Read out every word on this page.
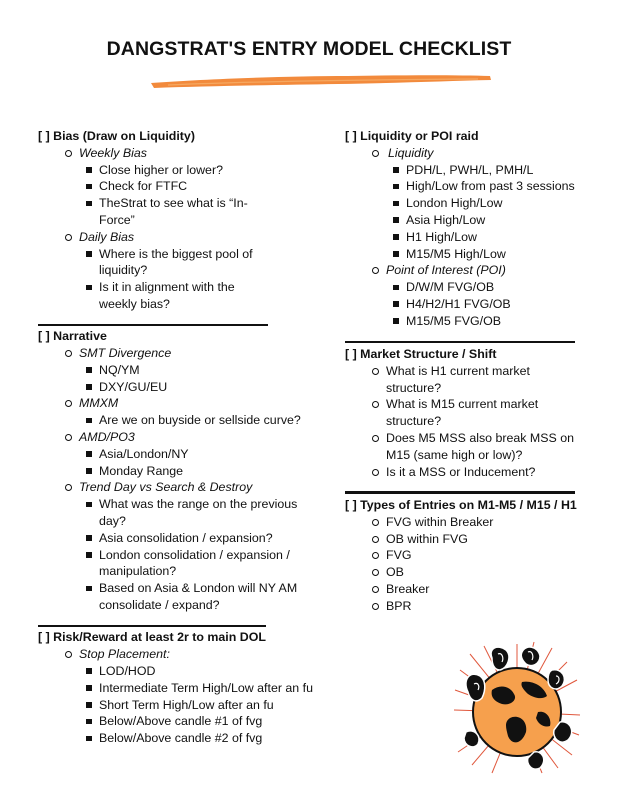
DANGSTRAT'S ENTRY MODEL CHECKLIST

[ ] Bias (Draw on Liquidity)

Weekly Bias
Close higher or lower?
Check for FTFC
TheStrat to see what is “In-Force”
Daily Bias
Where is the biggest pool of liquidity?
Is it in alignment with the weekly bias?

[ ] Narrative

SMT Divergence
NQ/YM
DXY/GU/EU
MMXM
Are we on buyside or sellside curve?
AMD/PO3
Asia/London/NY
Monday Range
Trend Day vs Search & Destroy
What was the range on the previous day?
Asia consolidation / expansion?
London consolidation / expansion / manipulation?
Based on Asia & London will NY AM consolidate / expand?

[ ] Risk/Reward at least 2r to main DOL

Stop Placement:
LOD/HOD
Intermediate Term High/Low after an fu
Short Term High/Low after an fu
Below/Above candle #1 of fvg
Below/Above candle #2 of fvg

[ ] Liquidity or POI raid

Liquidity
PDH/L, PWH/L, PMH/L
High/Low from past 3 sessions
London High/Low
Asia High/Low
H1 High/Low
M15/M5 High/Low
Point of Interest (POI)
D/W/M FVG/OB
H4/H2/H1 FVG/OB
M15/M5 FVG/OB

[ ] Market Structure / Shift

What is H1 current market structure?
What is M15 current market structure?
Does M5 MSS also break MSS on M15 (same high or low)?
Is it a MSS or Inducement?

[ ] Types of Entries on M1-M5 / M15 / H1

FVG within Breaker
OB within FVG
FVG
OB
Breaker
BPR
